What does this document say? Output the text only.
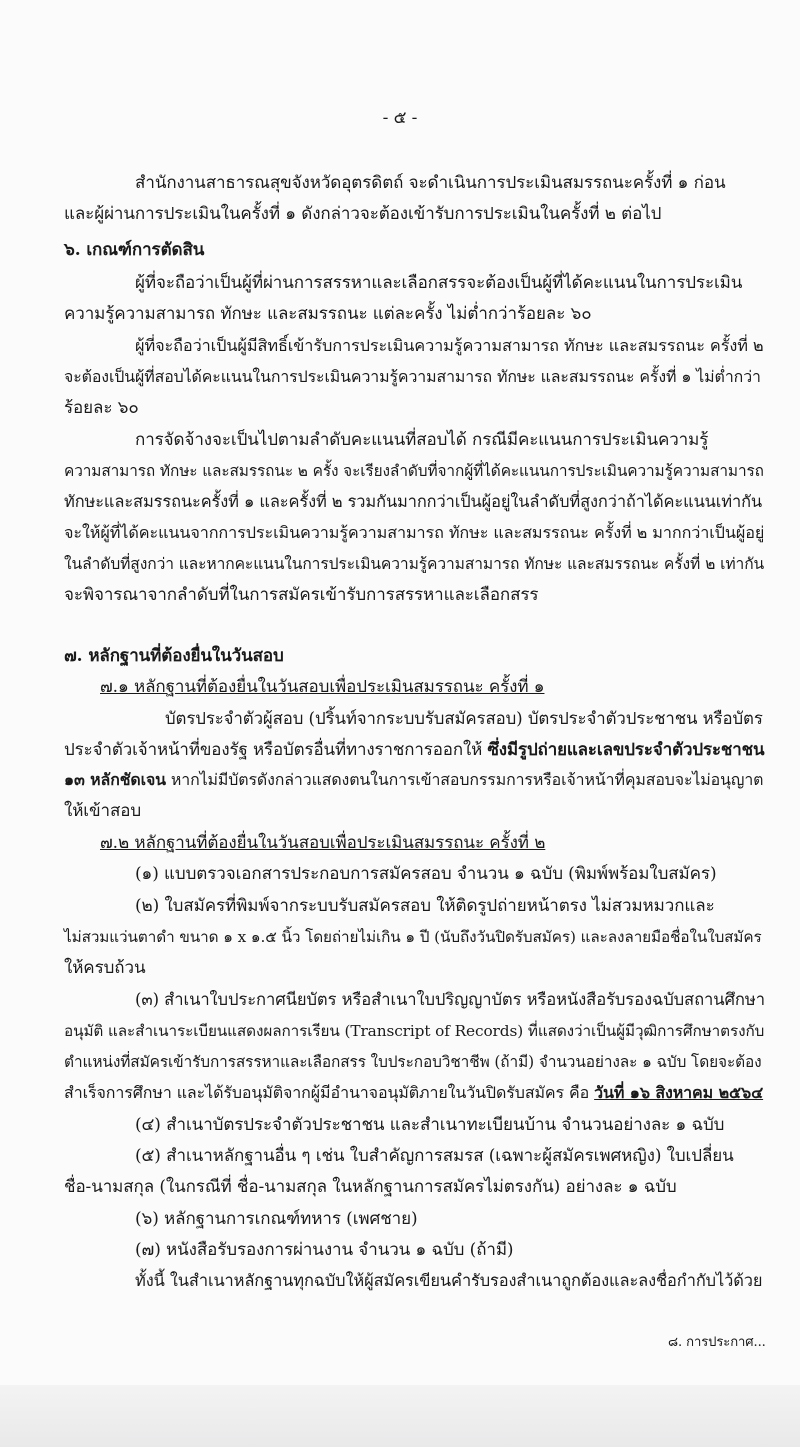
- ๕ -
สำนักงานสาธารณสุขจังหวัดอุตรดิตถ์ จะดำเนินการประเมินสมรรถนะครั้งที่ ๑ ก่อน
และผู้ผ่านการประเมินในครั้งที่ ๑ ดังกล่าวจะต้องเข้ารับการประเมินในครั้งที่ ๒ ต่อไป
๖. เกณฑ์การตัดสิน
ผู้ที่จะถือว่าเป็นผู้ที่ผ่านการสรรหาและเลือกสรรจะต้องเป็นผู้ที่ได้คะแนนในการประเมิน
ความรู้ความสามารถ ทักษะ และสมรรถนะ แต่ละครั้ง ไม่ต่ำกว่าร้อยละ ๖๐
ผู้ที่จะถือว่าเป็นผู้มีสิทธิ์เข้ารับการประเมินความรู้ความสามารถ ทักษะ และสมรรถนะ ครั้งที่ ๒
จะต้องเป็นผู้ที่สอบได้คะแนนในการประเมินความรู้ความสามารถ ทักษะ และสมรรถนะ ครั้งที่ ๑ ไม่ต่ำกว่า
ร้อยละ ๖๐
การจัดจ้างจะเป็นไปตามลำดับคะแนนที่สอบได้ กรณีมีคะแนนการประเมินความรู้
ความสามารถ ทักษะ และสมรรถนะ ๒ ครั้ง จะเรียงลำดับที่จากผู้ที่ได้คะแนนการประเมินความรู้ความสามารถ
ทักษะและสมรรถนะครั้งที่ ๑ และครั้งที่ ๒ รวมกันมากกว่าเป็นผู้อยู่ในลำดับที่สูงกว่าถ้าได้คะแนนเท่ากัน
จะให้ผู้ที่ได้คะแนนจากการประเมินความรู้ความสามารถ ทักษะ และสมรรถนะ ครั้งที่ ๒ มากกว่าเป็นผู้อยู่
ในลำดับที่สูงกว่า และหากคะแนนในการประเมินความรู้ความสามารถ ทักษะ และสมรรถนะ ครั้งที่ ๒ เท่ากัน
จะพิจารณาจากลำดับที่ในการสมัครเข้ารับการสรรหาและเลือกสรร
๗. หลักฐานที่ต้องยื่นในวันสอบ
๗.๑ หลักฐานที่ต้องยื่นในวันสอบเพื่อประเมินสมรรถนะ ครั้งที่ ๑
บัตรประจำตัวผู้สอบ (ปริ้นท์จากระบบรับสมัครสอบ) บัตรประจำตัวประชาชน หรือบัตร
ประจำตัวเจ้าหน้าที่ของรัฐ หรือบัตรอื่นที่ทางราชการออกให้ ซึ่งมีรูปถ่ายและเลขประจำตัวประชาชน
๑๓ หลักชัดเจน หากไม่มีบัตรดังกล่าวแสดงตนในการเข้าสอบกรรมการหรือเจ้าหน้าที่คุมสอบจะไม่อนุญาต
ให้เข้าสอบ
๗.๒ หลักฐานที่ต้องยื่นในวันสอบเพื่อประเมินสมรรถนะ ครั้งที่ ๒
(๑) แบบตรวจเอกสารประกอบการสมัครสอบ จำนวน ๑ ฉบับ (พิมพ์พร้อมใบสมัคร)
(๒) ใบสมัครที่พิมพ์จากระบบรับสมัครสอบ ให้ติดรูปถ่ายหน้าตรง ไม่สวมหมวกและ
ไม่สวมแว่นตาดำ ขนาด ๑ x ๑.๕ นิ้ว โดยถ่ายไม่เกิน ๑ ปี (นับถึงวันปิดรับสมัคร) และลงลายมือชื่อในใบสมัคร
ให้ครบถ้วน
(๓) สำเนาใบประกาศนียบัตร หรือสำเนาใบปริญญาบัตร หรือหนังสือรับรองฉบับสถานศึกษา
อนุมัติ และสำเนาระเบียนแสดงผลการเรียน (Transcript of Records) ที่แสดงว่าเป็นผู้มีวุฒิการศึกษาตรงกับ
ตำแหน่งที่สมัครเข้ารับการสรรหาและเลือกสรร ใบประกอบวิชาชีพ (ถ้ามี) จำนวนอย่างละ ๑ ฉบับ โดยจะต้อง
สำเร็จการศึกษา และได้รับอนุมัติจากผู้มีอำนาจอนุมัติภายในวันปิดรับสมัคร คือ วันที่ ๑๖ สิงหาคม ๒๕๖๔
(๔) สำเนาบัตรประจำตัวประชาชน และสำเนาทะเบียนบ้าน จำนวนอย่างละ ๑ ฉบับ
(๕) สำเนาหลักฐานอื่น ๆ เช่น ใบสำคัญการสมรส (เฉพาะผู้สมัครเพศหญิง) ใบเปลี่ยน
ชื่อ-นามสกุล (ในกรณีที่ ชื่อ-นามสกุล ในหลักฐานการสมัครไม่ตรงกัน) อย่างละ ๑ ฉบับ
(๖) หลักฐานการเกณฑ์ทหาร (เพศชาย)
(๗) หนังสือรับรองการผ่านงาน จำนวน ๑ ฉบับ (ถ้ามี)
ทั้งนี้ ในสำเนาหลักฐานทุกฉบับให้ผู้สมัครเขียนคำรับรองสำเนาถูกต้องและลงชื่อกำกับไว้ด้วย
๘. การประกาศ...
